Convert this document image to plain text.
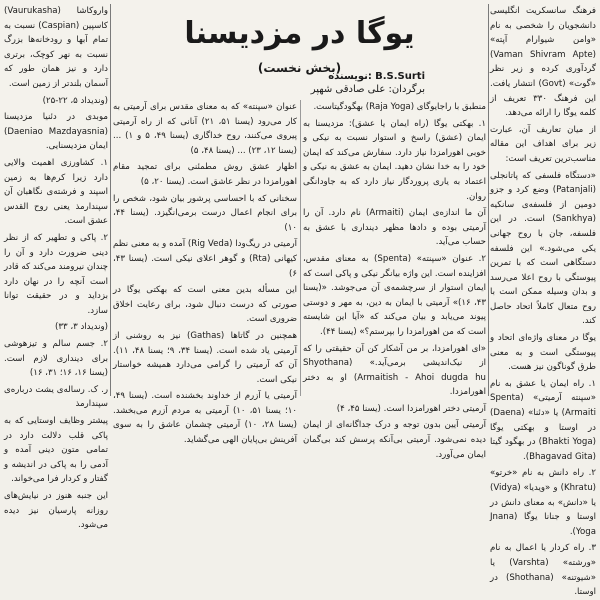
یوگا در مزدیسنا
(بخش نخست)
نویسنده: B.S.Surti
برگردان: علی صادقی شهپر

فرهنگ سانسکریت انگلیسی دانشجویان را شخصی به نام «وامن شیوارام آپته» (Vaman Shivram Apte) گردآوری کرده و زیر نظر «گوت» (Govt) انتشار یافت. این فرهنگ ۳۳۰ تعریف از کلمه یوگا را ارائه می‌دهد.

از میان تعاریف آن، عبارت زیر برای اهداف این مقاله مناسب‌ترین تعریف است:

«دستگاه فلسفی که پاتانجلی (Patanjali) وضع کرد و جزو دومین از فلسفه‌ی سانکیه (Sankhya) است. در این فلسفه، جان با روح جهانی یکی می‌شود.» این فلسفه دستگاهی است که با تمرین پیوستگی با روح اعلا می‌رسد و بدان وسیله ممکن است با روح متعال کاملاً اتحاد حاصل کند.

یوگا در معنای واژه‌ای اتحاد و پیوستگی است و به معنی طرق گوناگون نیز هست.

۱. راه ایمان یا عشق به نام «سپنته آرمیتی» (Spenta Armaiti) یا «دئنا» (Daena) در اوستا و بهکتی یوگا (Bhakti Yoga) در بهگود گیتا (Bhagavad Gita).

۲. راه دانش به نام «خرتو» (Khratu) و «ویدیا» (Vidya) یا «دانش» به معنای دانش در اوستا و جنانا یوگا (Jnana Yoga).

۳. راه کردار یا اعمال به نام «ورشته» (Varshta) یا «شیوتنه» (Shothana) در اوستا.

منطبق با راجایوگای (Raja Yoga) بهگودگیتاست.

۱. بهکتی یوگا (راه ایمان یا عشق): مزدیسنا به ایمان (عشق) راسخ و استوار نسبت به نیکی و خوبی اهورامزدا نیاز دارد. سفارش می‌کند که ایمان خود را به خدا نشان دهید. ایمان به عشق به نیکی و اعتماد به یاری پروردگار نیاز دارد که به جاودانگی روان.

آن ما اندازه‌ی ایمان (Armaiti) نام دارد. آن را آرمیتی بوده و دادها مظهر دینداری با عشق به حساب می‌آید.

۲. عنوان «سپنته» (Spenta) به معنای مقدس، افزاینده است. این واژه بیانگر نیکی و پاکی است که ایمان استوار از سرچشمه‌ی آن می‌جوشد. «(یسنا ۴۳، ۱۶)» آرمیتی با ایمان به دین، به مهر و دوستی پیوند می‌یابد و بیان می‌کند که «آیا این شایسته است که من اهورامزدا را بپرستم؟» (یسنا ۴۴).

«ای اهورامزدا، بر من آشکار کن آن حقیقتی را که از نیک‌اندیشی برمی‌آید.» (Shyothana Armaitish - Ahoi dugda hu) او به دختر اهورامزدا.

آرمیتی دختر اهورامزدا است. (یسنا ۴۵، ۴)

آرمیتی آیین بدون توجه و درک جداگانه‌ای از ایمان دیده نمی‌شود. آرمیتی بی‌آنکه پرسش کند بی‌گمان ایمان می‌آورد.

عنوان «سپنته» که به معنای مقدس برای آرمیتی به کار می‌رود (یسنا ۵۱، ۲۱) آنانی که از راه آرمیتی پیروی می‌کنند، روح خداگاری (یسنا ۴۹، ۵ و ۱) ... (یسنا ۱۲، ۲۳) ... (یسنا ۴۸، ۵)

اظهار عشق روش مطمئنی برای تمجید مقام اهورامزدا در نظر عاشق است. (یسنا ۲۰، ۵)

سخنانی که با احساسی پرشور بیان شود، شخص را برای انجام اعمال درست برمی‌انگیزد. (یسنا ۴۴، ۱۰)

آرمیتی در ریگ‌ودا (Rig Veda) آمده و به معنی نظم کیهانی (Rta) و گوهر اعلای نیکی است. (یسنا ۴۳، ۶)

این مسأله بدین معنی است که بهکتی یوگا در صورتی که درست دنبال شود، برای رعایت اخلاق ضروری است.

همچنین در گاتاها (Gathas) نیز به روشنی از آرمیتی یاد شده است. (یسنا ۳۴، ۹؛ یسنا ۴۸، ۱۱). آن که آرمیتی را گرامی می‌دارد همیشه خواستار نیکی است.

آرمیتی یا آزرم از خداوند بخشنده است. (یسنا ۴۹، ۱۰؛ یسنا ۵۱، ۱۰) آرمیتی به مردم آزرم می‌بخشد. (یسنا ۲۸، ۱۰) آرمیتی چشمان عاشق را به سوی آفرینش بی‌پایان الهی می‌گشاید.

واروکاشا (Vaurukasha) کاسپین (Caspian) نسبت به تمام آبها و رودخانه‌ها بزرگ نسبت به نهر کوچک، برتری دارد و نیز همان طور که آسمان بلندتر از زمین است.

(وندیداد ۵، ۲۲-۲۵)

موبدی در دئنیا مزدیسنا (Daeniao Mazdayasnia) ایمان مزدیسنایی.

۱. کشاورزی اهمیت والایی دارد زیرا کرم‌ها به زمین اسپند و فرشته‌ی نگاهبان آن سپندارمذ یعنی روح القدس عشق است.

۲. پاکی و تطهیر که از نظر دینی ضرورت دارد و آن را چندان نیرومند می‌کند که قادر است آنچه را در نهان دارد بزداید و در حقیقت توانا سازد.

(وندیداد ۳، ۳۳)

۲. جسم سالم و تیزهوشی برای دینداری لازم است. (یسنا ۱۶، ۱۶؛ ۳۱، ۱۶)

ر. ک. رساله‌ی یشت درباره‌ی سپندارمذ

پیشتر وظایف اوستایی که به پاکی قلب دلالت دارد در تمامی متون دینی آمده و آدمی را به پاکی در اندیشه و گفتار و کردار فرا می‌خواند.

این جنبه هنوز در نیایش‌های روزانه پارسیان نیز دیده می‌شود.
